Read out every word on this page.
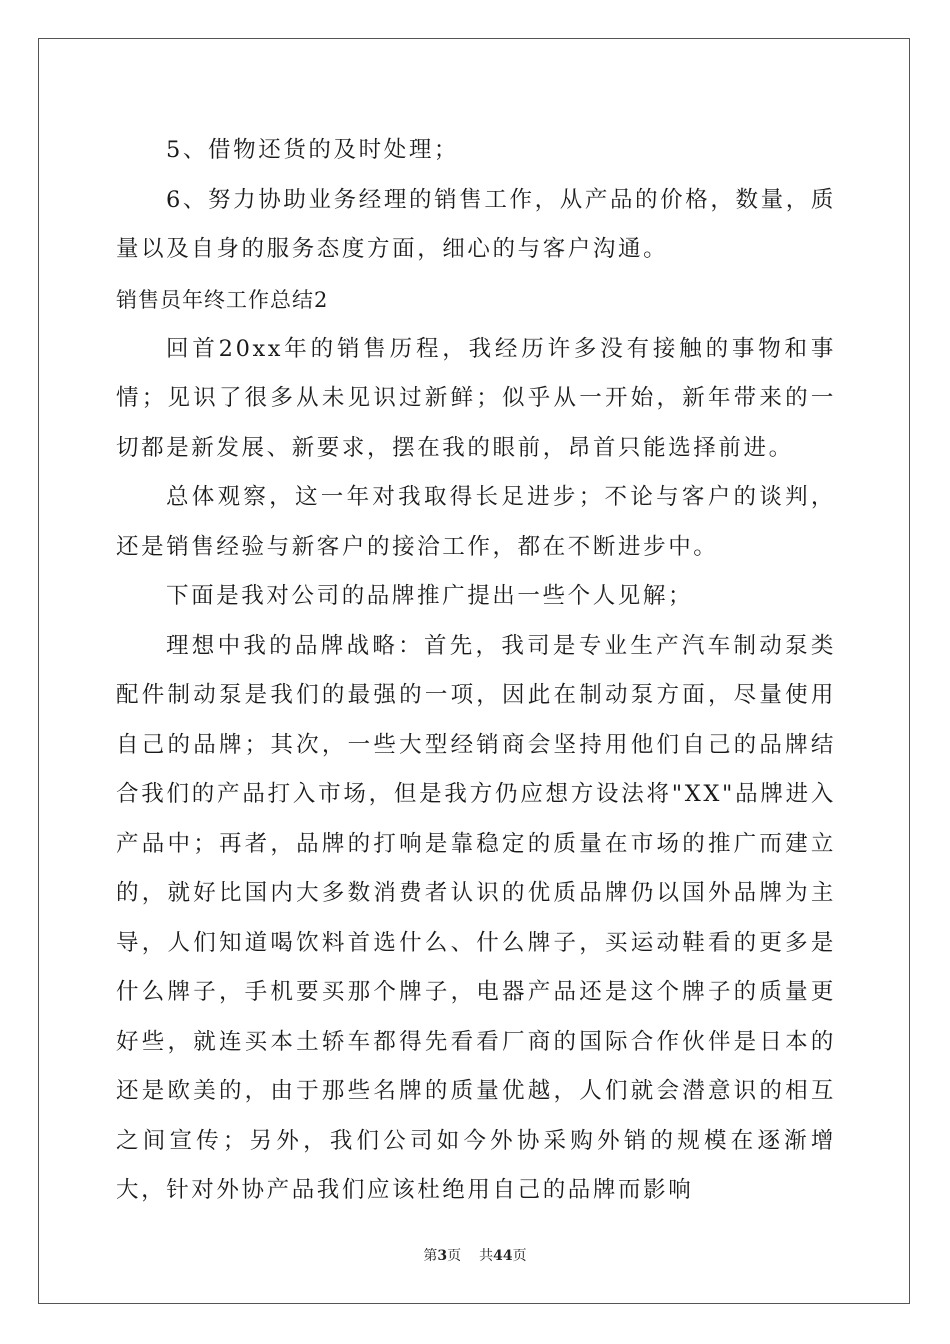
5、借物还货的及时处理；

6、努力协助业务经理的销售工作，从产品的价格，数量，质量以及自身的服务态度方面，细心的与客户沟通。

销售员年终工作总结2

回首20xx年的销售历程，我经历许多没有接触的事物和事情；见识了很多从未见识过新鲜；似乎从一开始，新年带来的一切都是新发展、新要求，摆在我的眼前，昂首只能选择前进。

总体观察，这一年对我取得长足进步；不论与客户的谈判，还是销售经验与新客户的接洽工作，都在不断进步中。

下面是我对公司的品牌推广提出一些个人见解；

理想中我的品牌战略：首先，我司是专业生产汽车制动泵类配件制动泵是我们的最强的一项，因此在制动泵方面，尽量使用自己的品牌；其次，一些大型经销商会坚持用他们自己的品牌结合我们的产品打入市场，但是我方仍应想方设法将"XX"品牌进入产品中；再者，品牌的打响是靠稳定的质量在市场的推广而建立的，就好比国内大多数消费者认识的优质品牌仍以国外品牌为主导，人们知道喝饮料首选什么、什么牌子，买运动鞋看的更多是什么牌子，手机要买那个牌子，电器产品还是这个牌子的质量更好些，就连买本土轿车都得先看看厂商的国际合作伙伴是日本的还是欧美的，由于那些名牌的质量优越，人们就会潜意识的相互之间宣传；另外，我们公司如今外协采购外销的规模在逐渐增大，针对外协产品我们应该杜绝用自己的品牌而影响

第3页 共44页
